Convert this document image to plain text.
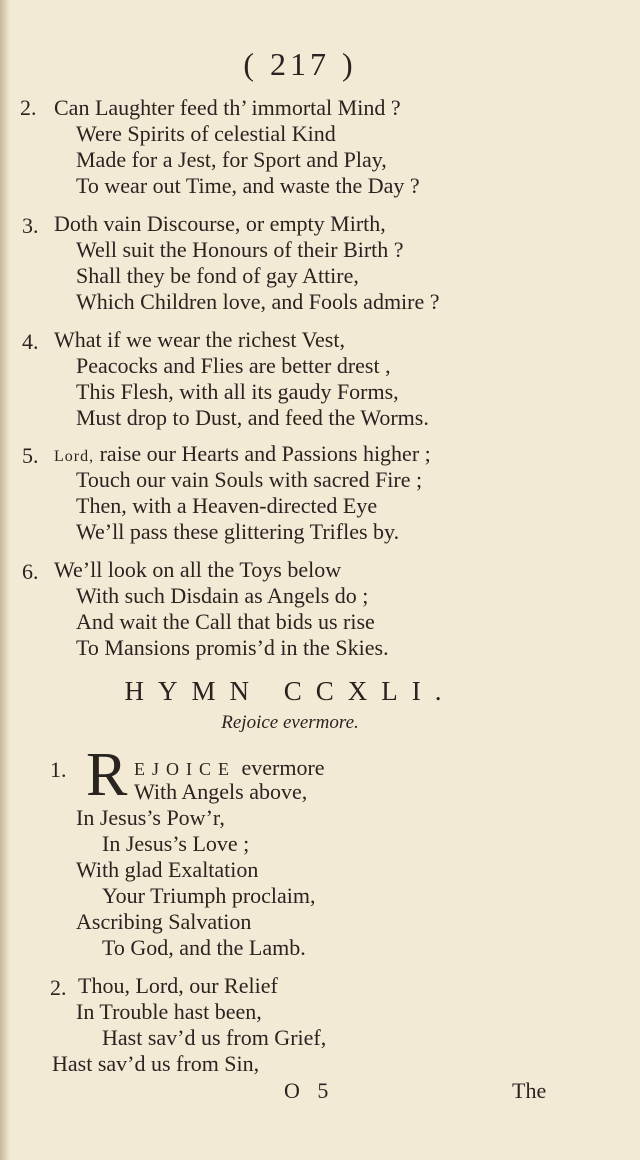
( 217 )
2. Can Laughter feed th’ immortal Mind ?
Were Spirits of celestial Kind
Made for a Jest, for Sport and Play,
To wear out Time, and waste the Day ?
3. Doth vain Discourse, or empty Mirth,
Well suit the Honours of their Birth ?
Shall they be fond of gay Attire,
Which Children love, and Fools admire ?
4. What if we wear the richest Vest,
Peacocks and Flies are better drest ,
This Flesh, with all its gaudy Forms,
Must drop to Dust, and feed the Worms.
5. Lord, raise our Hearts and Passions higher ;
Touch our vain Souls with sacred Fire ;
Then, with a Heaven-directed Eye
We’ll pass these glittering Trifles by.
6. We’ll look on all the Toys below
With such Disdain as Angels do ;
And wait the Call that bids us rise
To Mansions promis’d in the Skies.
HYMN CCXLI.
Rejoice evermore.
1. R EJOICE evermore
With Angels above,
In Jesus’s Pow’r,
In Jesus’s Love ;
With glad Exaltation
Your Triumph proclaim,
Ascribing Salvation
To God, and the Lamb.
2. Thou, Lord, our Relief
In Trouble hast been,
Hast sav’d us from Grief,
Hast sav’d us from Sin,
O 5	The
